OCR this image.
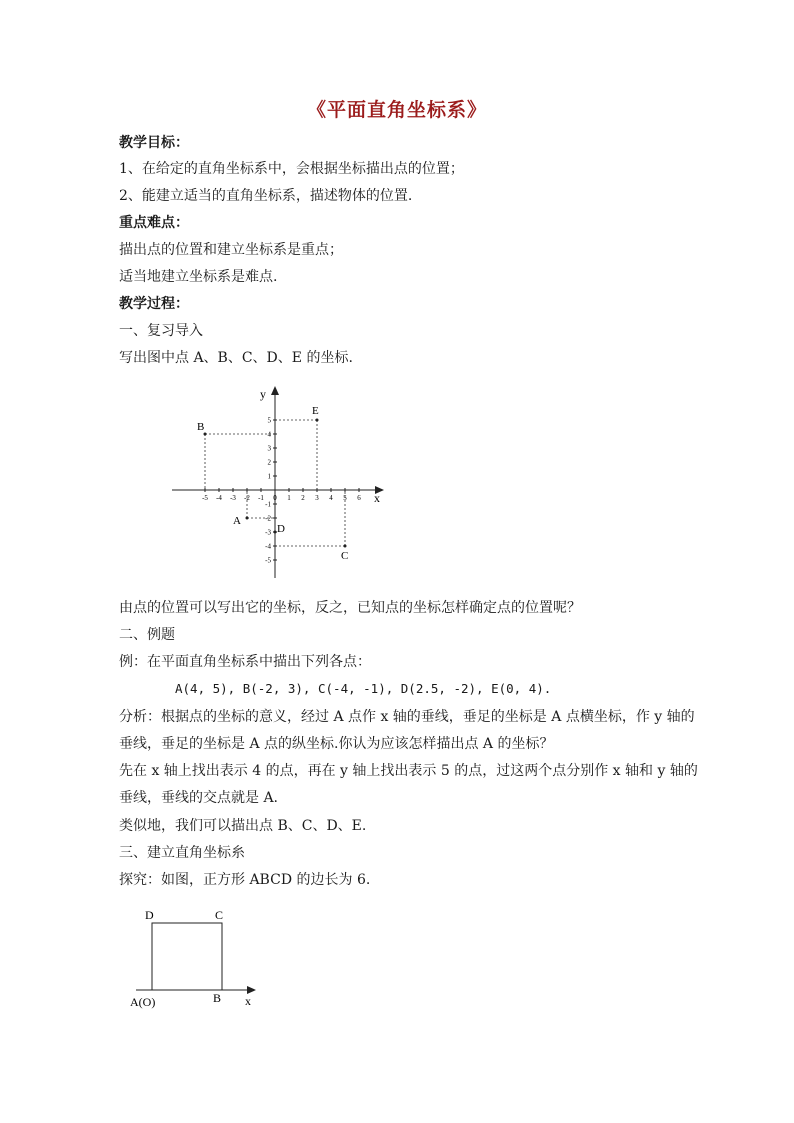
《平面直角坐标系》
教学目标：
1、在给定的直角坐标系中，会根据坐标描出点的位置；
2、能建立适当的直角坐标系，描述物体的位置.
重点难点：
描出点的位置和建立坐标系是重点；
适当地建立坐标系是难点.
教学过程：
一、复习导入
写出图中点 A、B、C、D、E 的坐标.
x
y
-5 -4 -3 -2 -1 0 1 2 3 4 5 6
5
4
3
2
1
-1
-2
-3
-4
-5
A
B
C
D
E
由点的位置可以写出它的坐标，反之，已知点的坐标怎样确定点的位置呢？
二、例题
例：在平面直角坐标系中描出下列各点：
A(4, 5), B(-2, 3), C(-4, -1), D(2.5, -2), E(0, 4).
分析：根据点的坐标的意义，经过 A 点作 x 轴的垂线，垂足的坐标是 A 点横坐标，作 y 轴的
垂线，垂足的坐标是 A 点的纵坐标.你认为应该怎样描出点 A 的坐标？
先在 x 轴上找出表示 4 的点，再在 y 轴上找出表示 5 的点，过这两个点分别作 x 轴和 y 轴的
垂线，垂线的交点就是 A.
类似地，我们可以描出点 B、C、D、E.
三、建立直角坐标糸
探究：如图，正方形 ABCD 的边长为 6.
D	C
A(O)	B x
